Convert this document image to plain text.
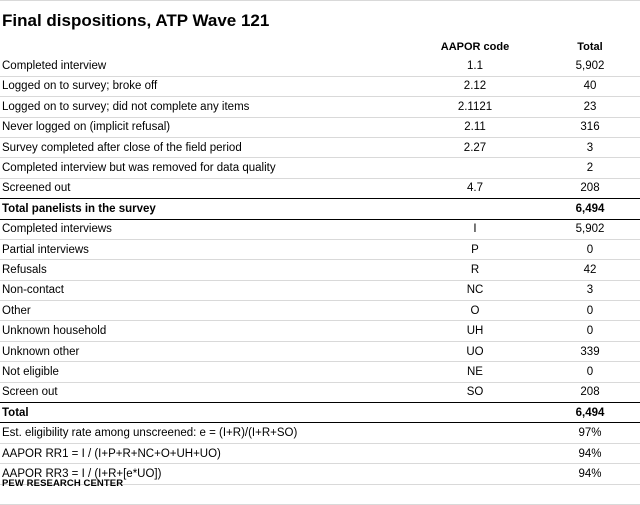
Final dispositions, ATP Wave 121
	AAPOR code	Total
Completed interview	1.1	5,902
Logged on to survey; broke off	2.12	40
Logged on to survey; did not complete any items	2.1121	23
Never logged on (implicit refusal)	2.11	316
Survey completed after close of the field period	2.27	3
Completed interview but was removed for data quality		2
Screened out	4.7	208
Total panelists in the survey		6,494
Completed interviews	I	5,902
Partial interviews	P	0
Refusals	R	42
Non-contact	NC	3
Other	O	0
Unknown household	UH	0
Unknown other	UO	339
Not eligible	NE	0
Screen out	SO	208
Total		6,494
Est. eligibility rate among unscreened: e = (I+R)/(I+R+SO)		97%
AAPOR RR1 = I / (I+P+R+NC+O+UH+UO)		94%
AAPOR RR3 = I / (I+R+[e*UO])		94%
PEW RESEARCH CENTER
